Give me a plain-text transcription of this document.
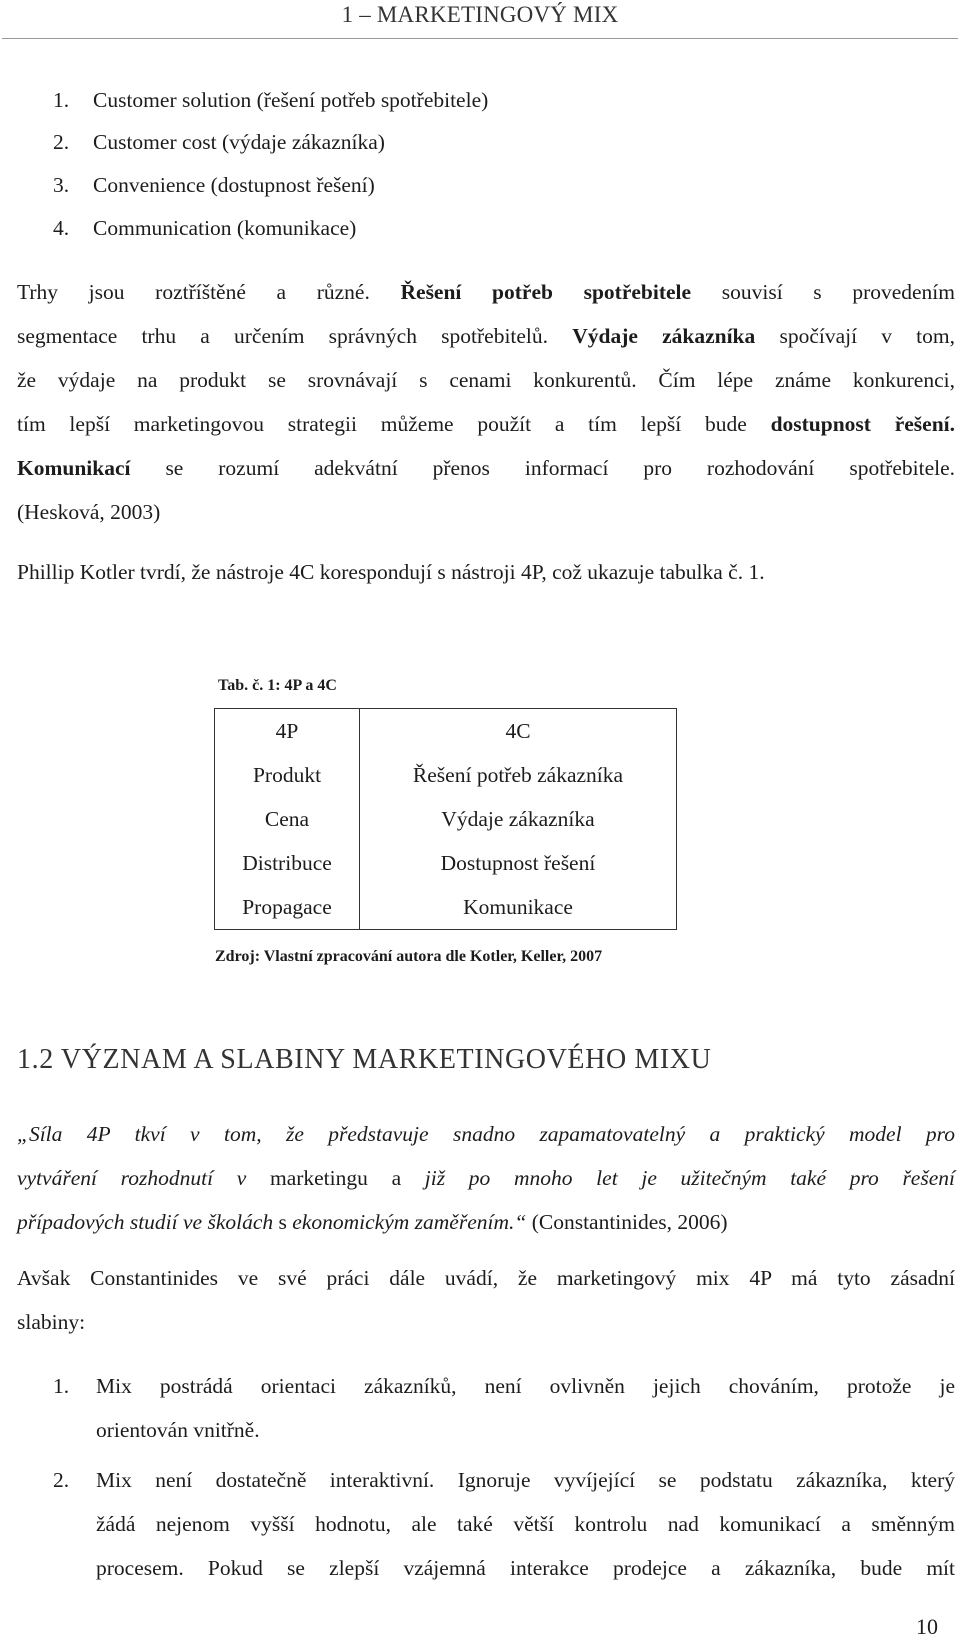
1 – MARKETINGOVÝ MIX
1. Customer solution (řešení potřeb spotřebitele)
2. Customer cost (výdaje zákazníka)
3. Convenience (dostupnost řešení)
4. Communication (komunikace)
Trhy jsou roztříštěné a různé. Řešení potřeb spotřebitele souvisí s provedením
segmentace trhu a určením správných spotřebitelů. Výdaje zákazníka spočívají v tom,
že výdaje na produkt se srovnávají s cenami konkurentů. Čím lépe známe konkurenci,
tím lepší marketingovou strategii můžeme použít a tím lepší bude dostupnost řešení.
Komunikací se rozumí adekvátní přenos informací pro rozhodování spotřebitele.
(Hesková, 2003)
Phillip Kotler tvrdí, že nástroje 4C korespondují s nástroji 4P, což ukazuje tabulka č. 1.
Tab. č. 1: 4P a 4C
4P	4C
Produkt	Řešení potřeb zákazníka
Cena	Výdaje zákazníka
Distribuce	Dostupnost řešení
Propagace	Komunikace
Zdroj: Vlastní zpracování autora dle Kotler, Keller, 2007
1.2 VÝZNAM A SLABINY MARKETINGOVÉHO MIXU
„Síla 4P tkví v tom, že představuje snadno zapamatovatelný a praktický model pro
vytváření rozhodnutí v marketingu a již po mnoho let je užitečným také pro řešení
případových studií ve školách s ekonomickým zaměřením.“ (Constantinides, 2006)
Avšak Constantinides ve své práci dále uvádí, že marketingový mix 4P má tyto zásadní
slabiny:
1. Mix postrádá orientaci zákazníků, není ovlivněn jejich chováním, protože je
orientován vnitřně.
2. Mix není dostatečně interaktivní. Ignoruje vyvíjející se podstatu zákazníka, který
žádá nejenom vyšší hodnotu, ale také větší kontrolu nad komunikací a směnným
procesem. Pokud se zlepší vzájemná interakce prodejce a zákazníka, bude mít
10
